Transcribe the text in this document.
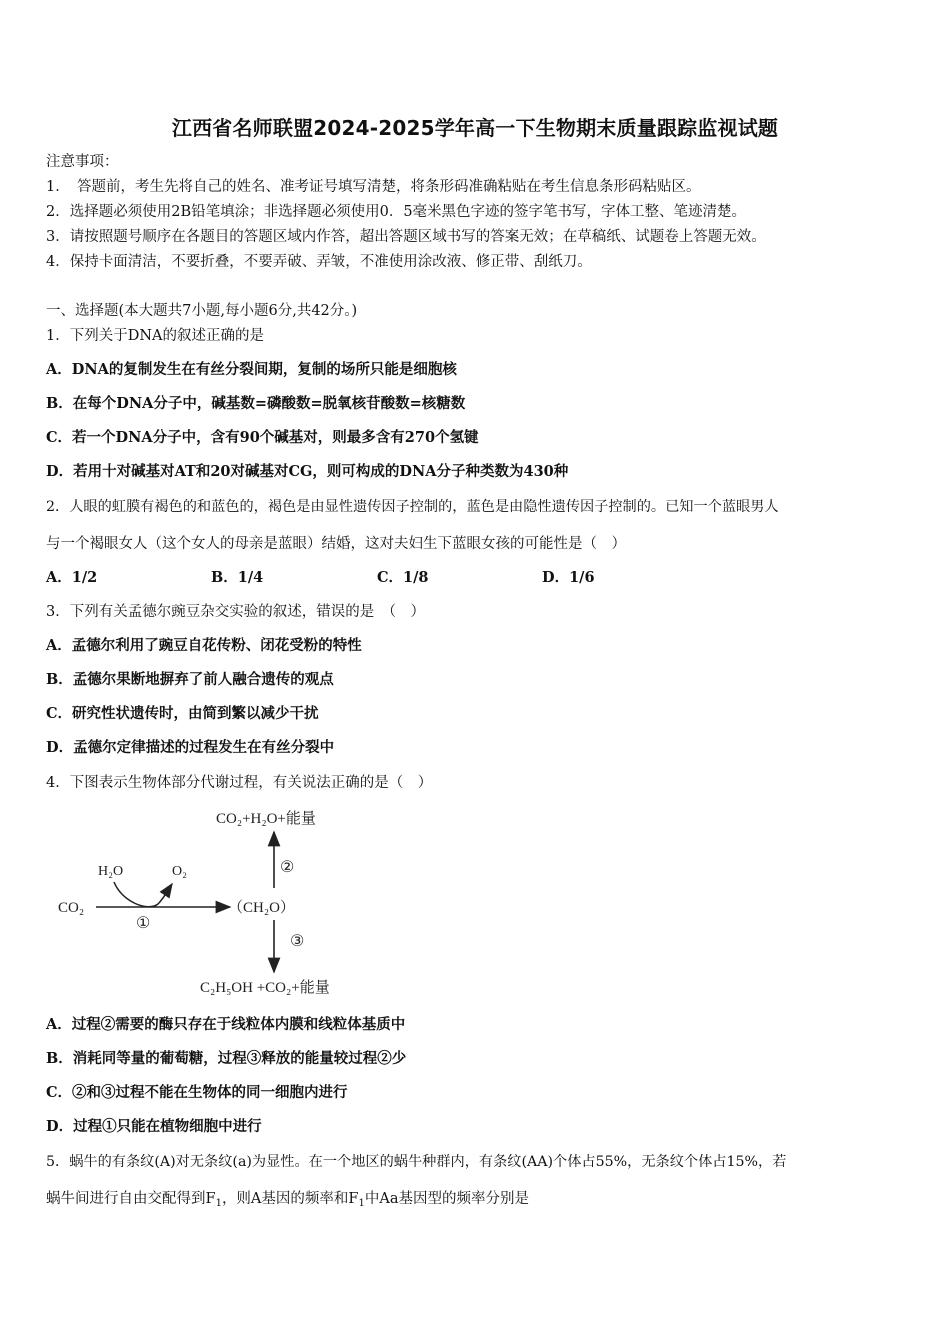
江西省名师联盟2024-2025学年高一下生物期末质量跟踪监视试题
注意事项：
1．　答题前，考生先将自己的姓名、准考证号填写清楚，将条形码准确粘贴在考生信息条形码粘贴区。
2．选择题必须使用2B铅笔填涂；非选择题必须使用0．5毫米黑色字迹的签字笔书写，字体工整、笔迹清楚。
3．请按照题号顺序在各题目的答题区域内作答，超出答题区域书写的答案无效；在草稿纸、试题卷上答题无效。
4．保持卡面清洁，不要折叠，不要弄破、弄皱，不准使用涂改液、修正带、刮纸刀。
一、选择题(本大题共7小题,每小题6分,共42分。)
1．下列关于DNA的叙述正确的是
A．DNA的复制发生在有丝分裂间期，复制的场所只能是细胞核
B．在每个DNA分子中，碱基数=磷酸数=脱氧核苷酸数=核糖数
C．若一个DNA分子中，含有90个碱基对，则最多含有270个氢键
D．若用十对碱基对AT和20对碱基对CG，则可构成的DNA分子种类数为430种
2．人眼的虹膜有褐色的和蓝色的，褐色是由显性遗传因子控制的，蓝色是由隐性遗传因子控制的。已知一个蓝眼男人
与一个褐眼女人（这个女人的母亲是蓝眼）结婚，这对夫妇生下蓝眼女孩的可能性是（　）
A．1/2	B．1/4	C．1/8	D．1/6
3．下列有关孟德尔豌豆杂交实验的叙述，错误的是　（　）
A．孟德尔利用了豌豆自花传粉、闭花受粉的特性
B．孟德尔果断地摒弃了前人融合遗传的观点
C．研究性状遗传时，由简到繁以减少干扰
D．孟德尔定律描述的过程发生在有丝分裂中
4．下图表示生物体部分代谢过程，有关说法正确的是（　）
CO₂+H₂O+能量
②
H₂O	O₂
CO₂
①
（CH₂O）
③
C₂H₅OH +CO₂+能量
A．过程②需要的酶只存在于线粒体内膜和线粒体基质中
B．消耗同等量的葡萄糖，过程③释放的能量较过程②少
C．②和③过程不能在生物体的同一细胞内进行
D．过程①只能在植物细胞中进行
5．蜗牛的有条纹(A)对无条纹(a)为显性。在一个地区的蜗牛种群内，有条纹(AA)个体占55%，无条纹个体占15%，若
蜗牛间进行自由交配得到$F_1$，则A基因的频率和$F_1$中Aa基因型的频率分别是
